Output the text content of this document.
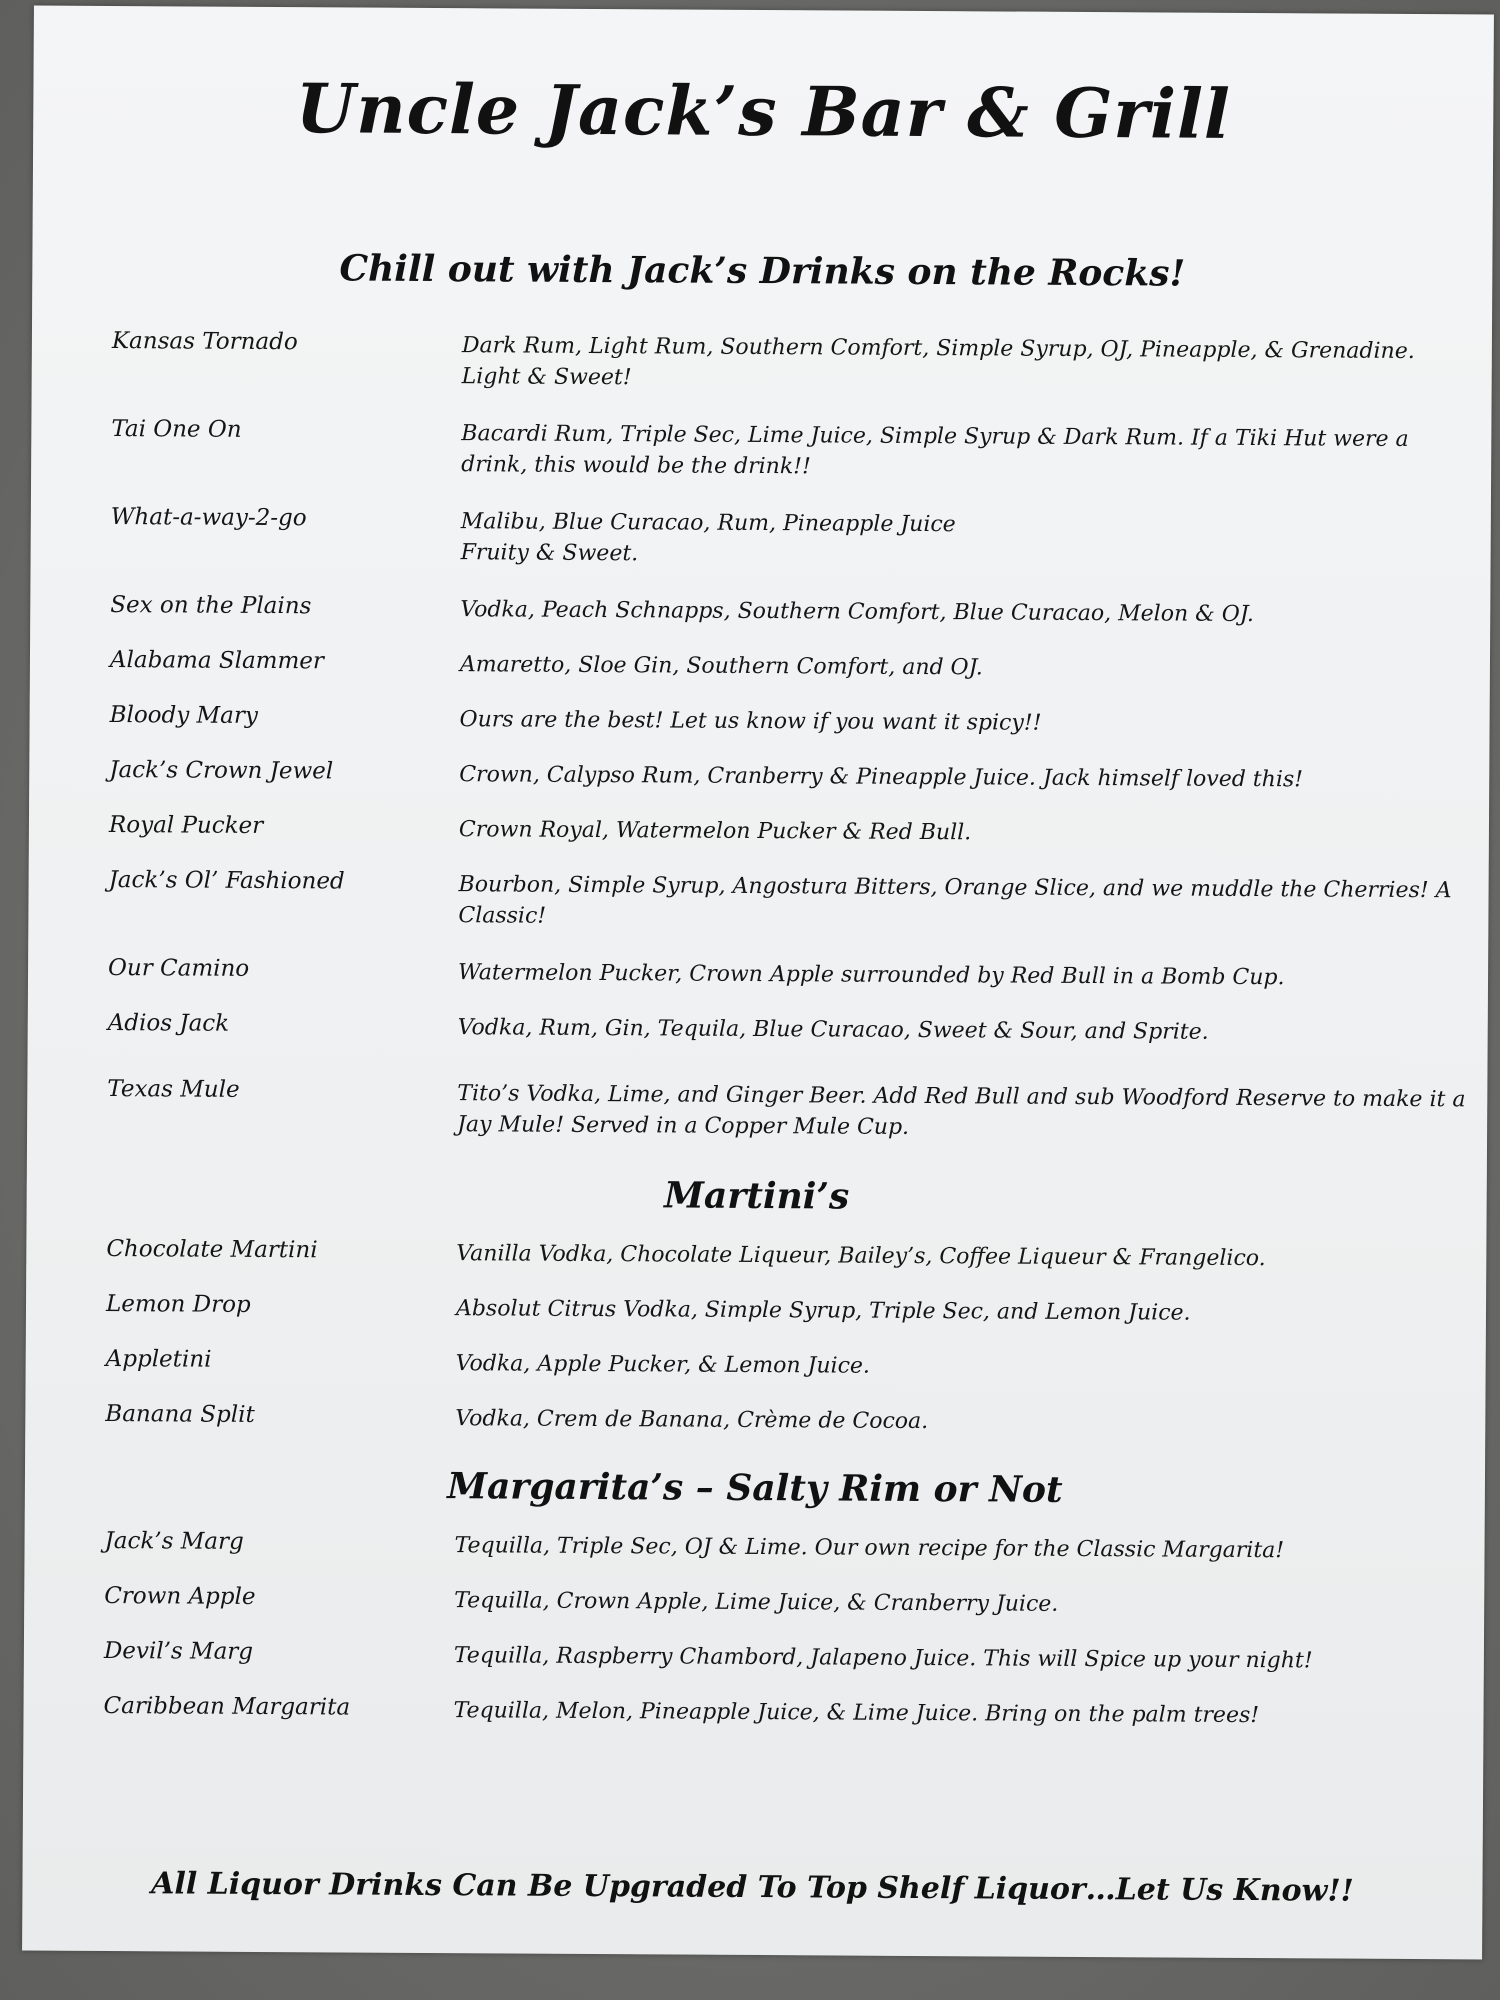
Uncle Jack’s Bar & Grill
Chill out with Jack’s Drinks on the Rocks!
Kansas Tornado	Dark Rum, Light Rum, Southern Comfort, Simple Syrup, OJ, Pineapple, & Grenadine. Light & Sweet!
Tai One On	Bacardi Rum, Triple Sec, Lime Juice, Simple Syrup & Dark Rum. If a Tiki Hut were a drink, this would be the drink!!
What-a-way-2-go	Malibu, Blue Curacao, Rum, Pineapple Juice
Fruity & Sweet.
Sex on the Plains	Vodka, Peach Schnapps, Southern Comfort, Blue Curacao, Melon & OJ.
Alabama Slammer	Amaretto, Sloe Gin, Southern Comfort, and OJ.
Bloody Mary	Ours are the best! Let us know if you want it spicy!!
Jack’s Crown Jewel	Crown, Calypso Rum, Cranberry & Pineapple Juice. Jack himself loved this!
Royal Pucker	Crown Royal, Watermelon Pucker & Red Bull.
Jack’s Ol’ Fashioned	Bourbon, Simple Syrup, Angostura Bitters, Orange Slice, and we muddle the Cherries! A Classic!
Our Camino	Watermelon Pucker, Crown Apple surrounded by Red Bull in a Bomb Cup.
Adios Jack	Vodka, Rum, Gin, Tequila, Blue Curacao, Sweet & Sour, and Sprite.
Texas Mule	Tito’s Vodka, Lime, and Ginger Beer. Add Red Bull and sub Woodford Reserve to make it a Jay Mule! Served in a Copper Mule Cup.
Martini’s
Chocolate Martini	Vanilla Vodka, Chocolate Liqueur, Bailey’s, Coffee Liqueur & Frangelico.
Lemon Drop	Absolut Citrus Vodka, Simple Syrup, Triple Sec, and Lemon Juice.
Appletini	Vodka, Apple Pucker, & Lemon Juice.
Banana Split	Vodka, Crem de Banana, Crème de Cocoa.
Margarita’s – Salty Rim or Not
Jack’s Marg	Tequilla, Triple Sec, OJ & Lime. Our own recipe for the Classic Margarita!
Crown Apple	Tequilla, Crown Apple, Lime Juice, & Cranberry Juice.
Devil’s Marg	Tequilla, Raspberry Chambord, Jalapeno Juice. This will Spice up your night!
Caribbean Margarita	Tequilla, Melon, Pineapple Juice, & Lime Juice. Bring on the palm trees!
All Liquor Drinks Can Be Upgraded To Top Shelf Liquor…Let Us Know!!
